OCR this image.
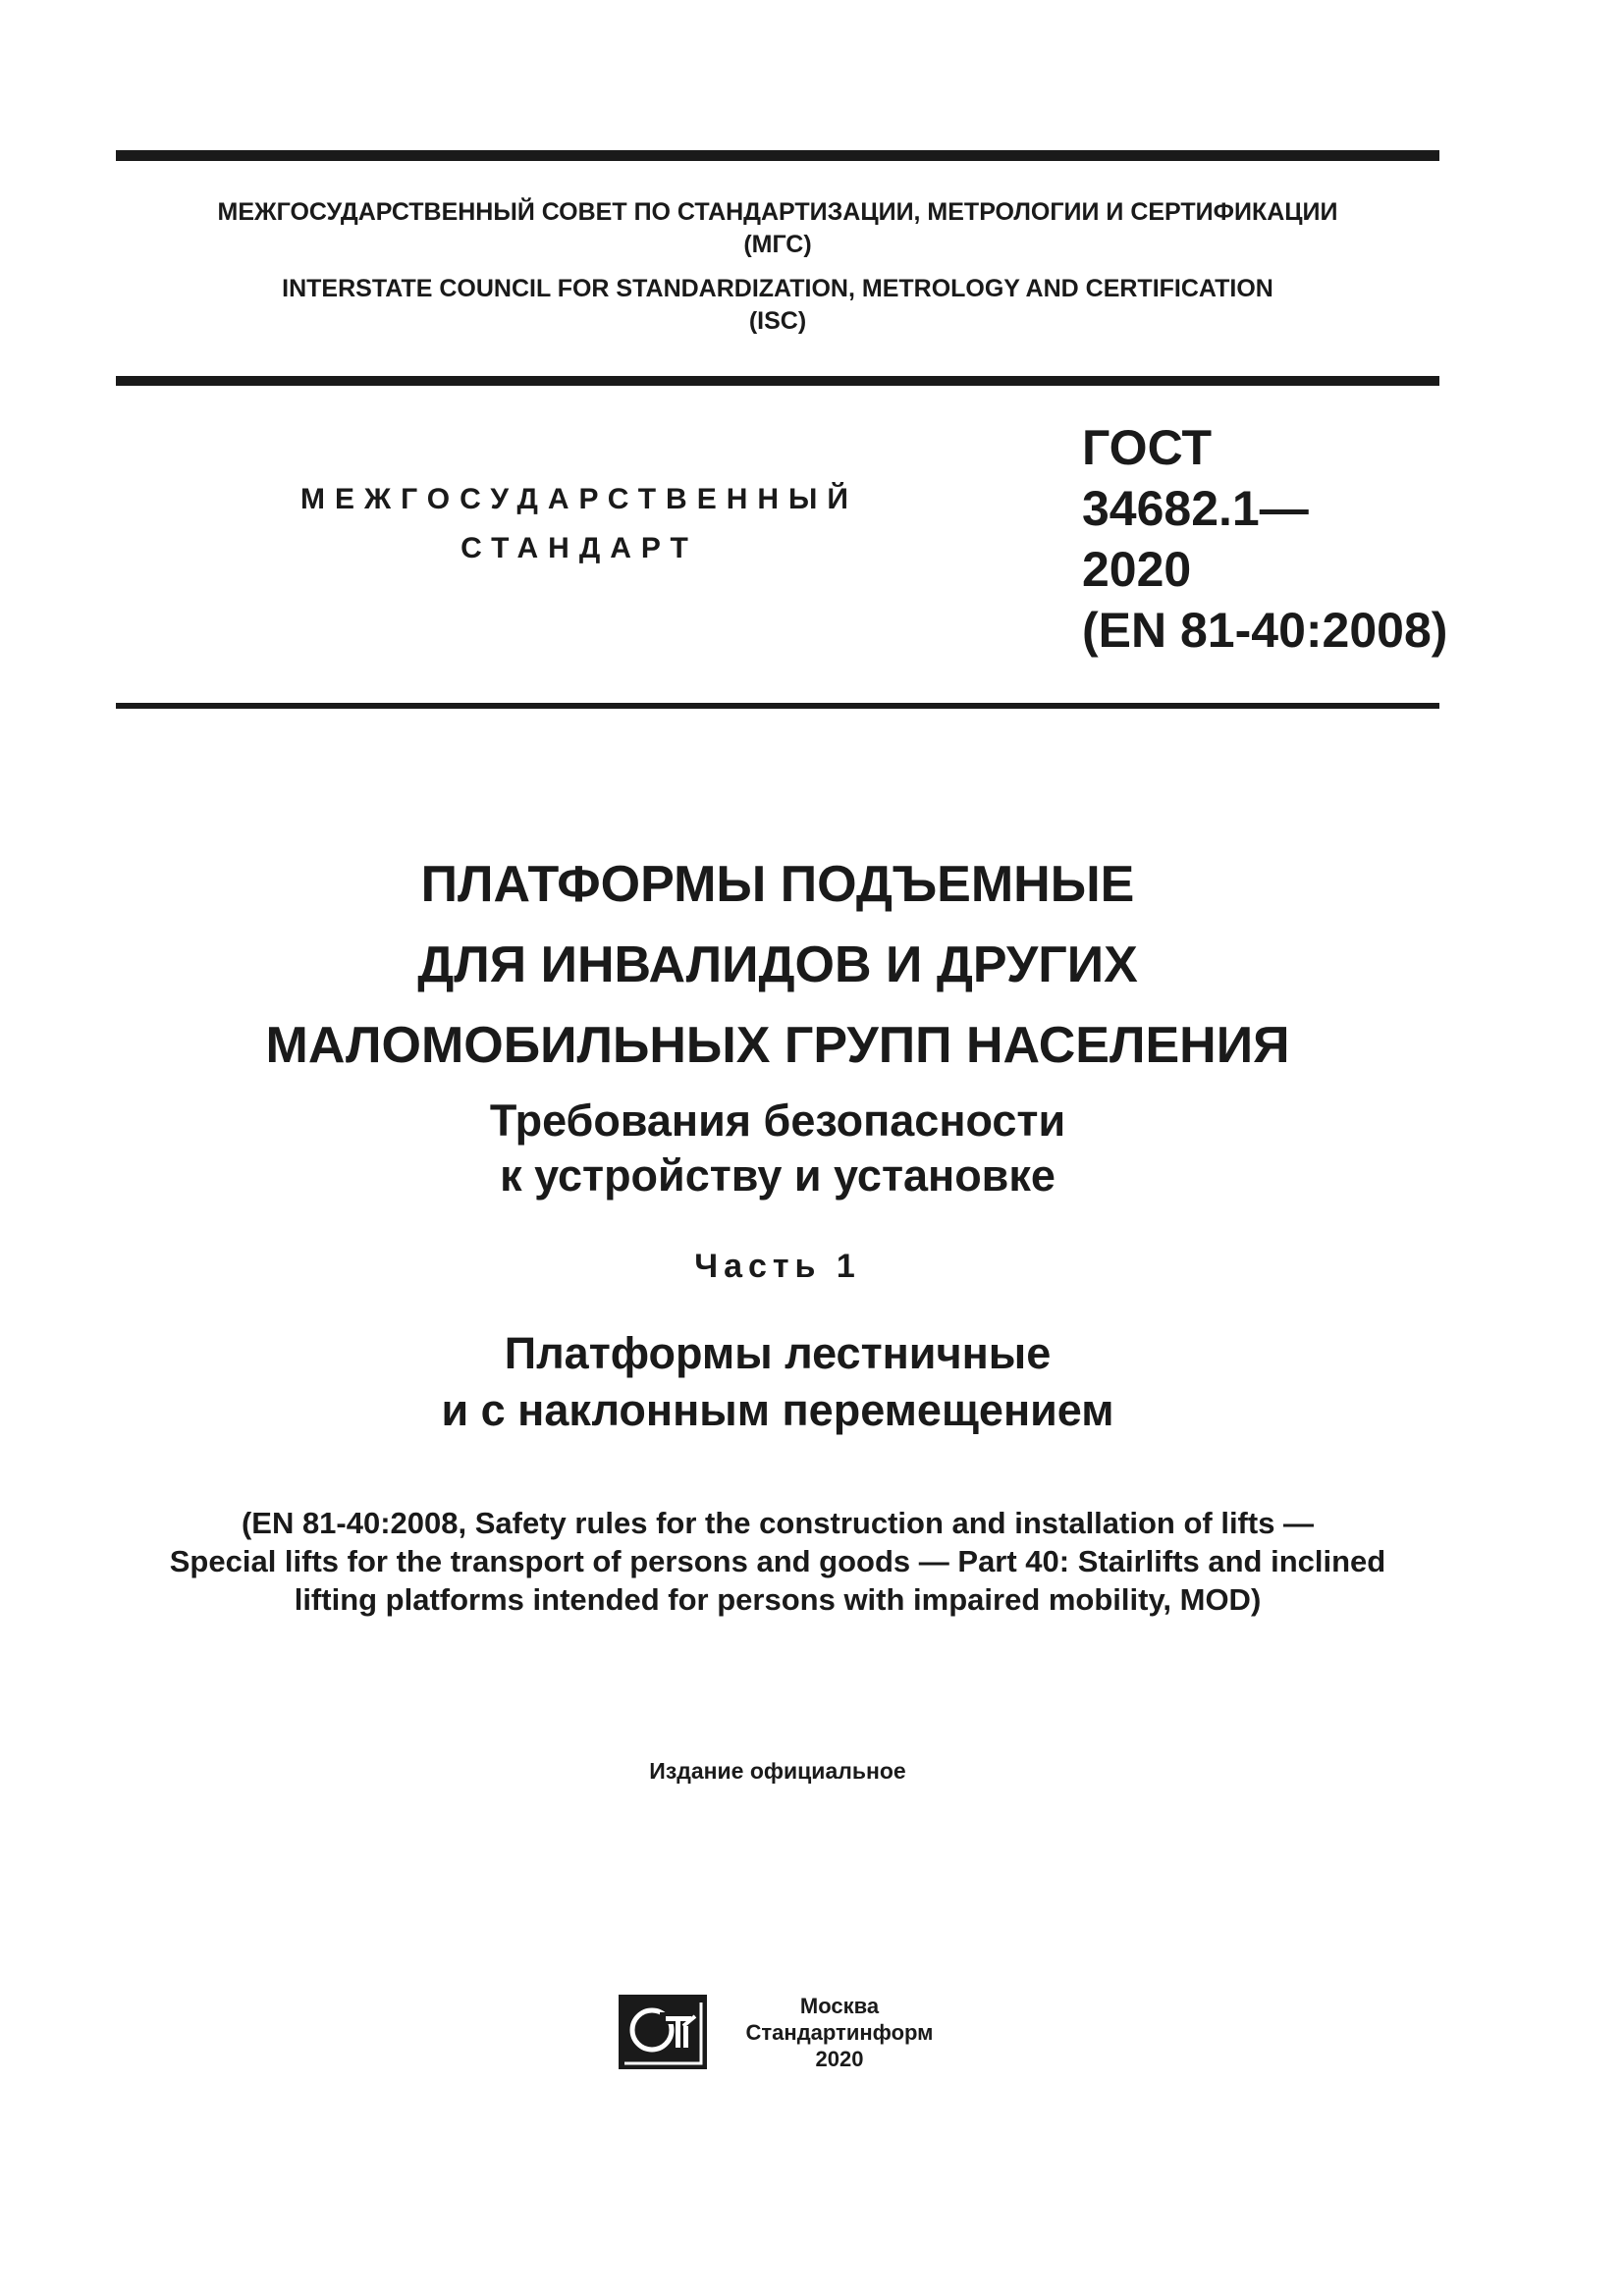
МЕЖГОСУДАРСТВЕННЫЙ СОВЕТ ПО СТАНДАРТИЗАЦИИ, МЕТРОЛОГИИ И СЕРТИФИКАЦИИ
(МГС)
INTERSTATE COUNCIL FOR STANDARDIZATION, METROLOGY AND CERTIFICATION
(ISC)
МЕЖГОСУДАРСТВЕННЫЙ
СТАНДАРТ
ГОСТ
34682.1—
2020
(EN 81-40:2008)
ПЛАТФОРМЫ ПОДЪЕМНЫЕ
ДЛЯ ИНВАЛИДОВ И ДРУГИХ
МАЛОМОБИЛЬНЫХ ГРУПП НАСЕЛЕНИЯ
Требования безопасности
к устройству и установке
Часть 1
Платформы лестничные
и с наклонным перемещением
(EN 81-40:2008, Safety rules for the construction and installation of lifts —
Special lifts for the transport of persons and goods — Part 40: Stairlifts and inclined
lifting platforms intended for persons with impaired mobility, MOD)
Издание официальное
Москва
Стандартинформ
2020
